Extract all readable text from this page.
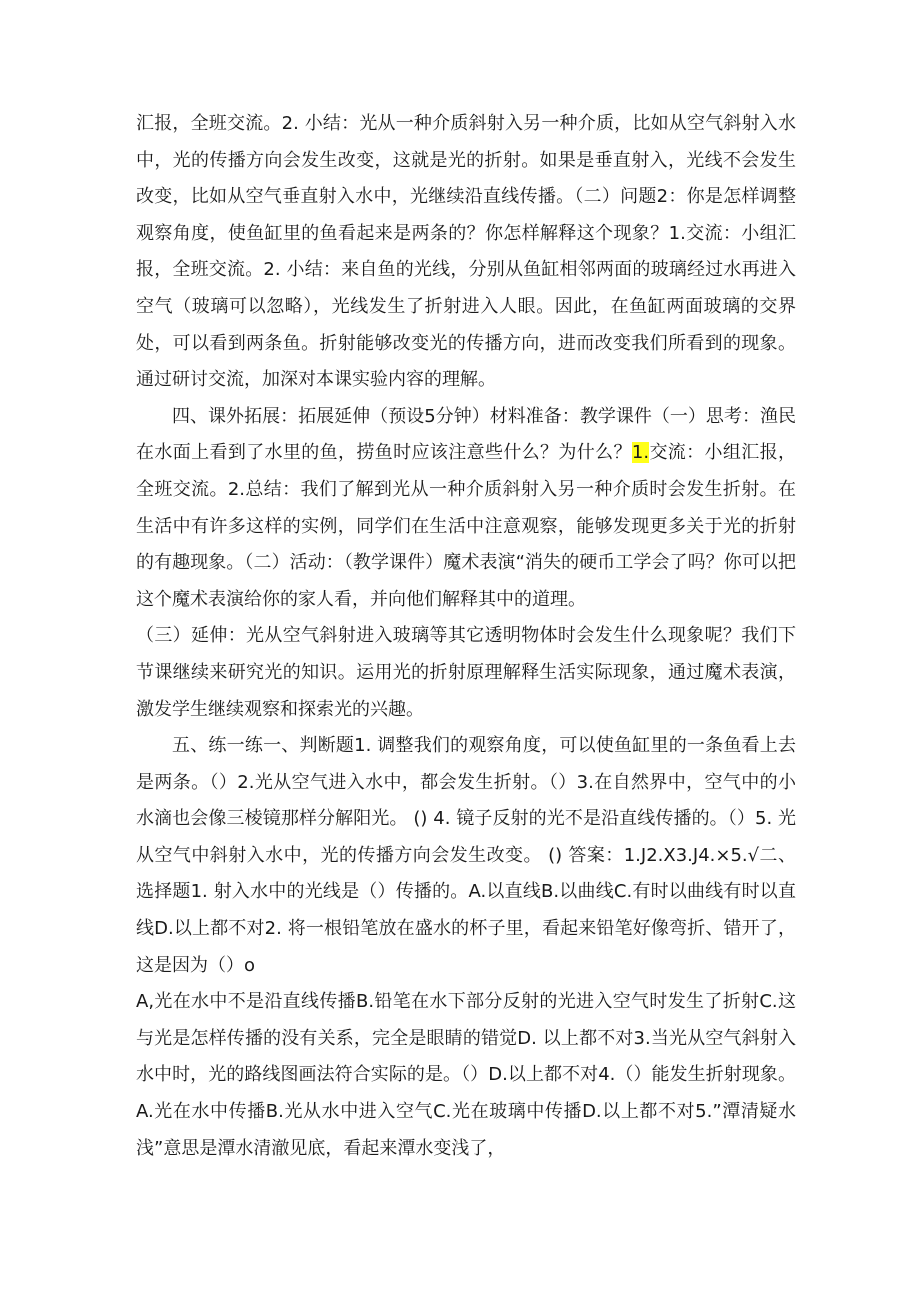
汇报，全班交流。2. 小结：光从一种介质斜射入另一种介质，比如从空气斜射入水中，光的传播方向会发生改变，这就是光的折射。如果是垂直射入，光线不会发生改变，比如从空气垂直射入水中，光继续沿直线传播。（二）问题2：你是怎样调整观察角度，使鱼缸里的鱼看起来是两条的？你怎样解释这个现象？1.交流：小组汇报，全班交流。2. 小结：来自鱼的光线，分别从鱼缸相邻两面的玻璃经过水再进入空气（玻璃可以忽略），光线发生了折射进入人眼。因此，在鱼缸两面玻璃的交界处，可以看到两条鱼。折射能够改变光的传播方向，进而改变我们所看到的现象。通过研讨交流，加深对本课实验内容的理解。

四、课外拓展：拓展延伸（预设5分钟）材料准备：教学课件（一）思考：渔民在水面上看到了水里的鱼，捞鱼时应该注意些什么？为什么？1.交流：小组汇报，全班交流。2.总结：我们了解到光从一种介质斜射入另一种介质时会发生折射。在生活中有许多这样的实例，同学们在生活中注意观察，能够发现更多关于光的折射的有趣现象。（二）活动：（教学课件）魔术表演“消失的硬币工学会了吗？你可以把这个魔术表演给你的家人看，并向他们解释其中的道理。

（三）延伸：光从空气斜射进入玻璃等其它透明物体时会发生什么现象呢？我们下节课继续来研究光的知识。运用光的折射原理解释生活实际现象，通过魔术表演，激发学生继续观察和探索光的兴趣。

五、练一练一、判断题1. 调整我们的观察角度，可以使鱼缸里的一条鱼看上去是两条。（）2.光从空气进入水中，都会发生折射。（）3.在自然界中，空气中的小水滴也会像三棱镜那样分解阳光。 () 4. 镜子反射的光不是沿直线传播的。（）5. 光从空气中斜射入水中，光的传播方向会发生改变。 () 答案：1.J2.X3.J4.×5.√二、选择题1. 射入水中的光线是（）传播的。A.以直线B.以曲线C.有时以曲线有时以直线D.以上都不对2. 将一根铅笔放在盛水的杯子里，看起来铅笔好像弯折、错开了，这是因为（）o

A,光在水中不是沿直线传播B.铅笔在水下部分反射的光进入空气时发生了折射C.这与光是怎样传播的没有关系，完全是眼睛的错觉D. 以上都不对3.当光从空气斜射入水中时，光的路线图画法符合实际的是。（）D.以上都不对4.（）能发生折射现象。A.光在水中传播B.光从水中进入空气C.光在玻璃中传播D.以上都不对5.”潭清疑水浅”意思是潭水清澈见底，看起来潭水变浅了，
